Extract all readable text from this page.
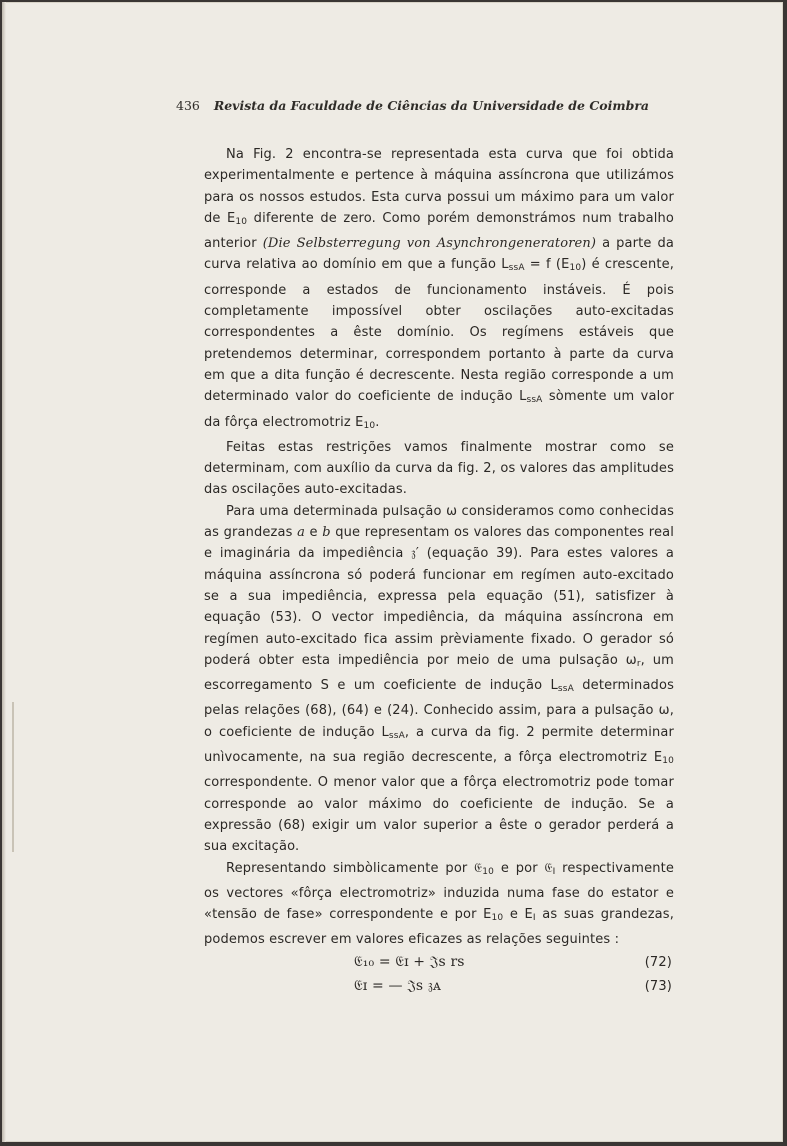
436 Revista da Faculdade de Ciências da Universidade de Coimbra

Na Fig. 2 encontra-se representada esta curva que foi obtida experimentalmente e pertence à máquina assíncrona que utilizámos para os nossos estudos. Esta curva possui um máximo para um valor de $E_{10}$ diferente de zero. Como porém demonstrámos num trabalho anterior (Die Selbsterregung von Asynchrongeneratoren) a parte da curva relativa ao domínio em que a função $L_{ssA} = f$ $(E_{10})$ é crescente, corresponde a estados de funcionamento instáveis. É pois completamente impossível obter oscilações auto-excitadas correspondentes a êste domínio. Os regímens estáveis que pretendemos determinar, correspondem portanto à parte da curva em que a dita função é decrescente. Nesta região corresponde a um determinado valor do coeficiente de indução $L_{ssA}$ sòmente um valor da fôrça electromotriz $E_{10}$.

Feitas estas restrições vamos finalmente mostrar como se determinam, com auxílio da curva da fig. 2, os valores das amplitudes das oscilações auto-excitadas.

Para uma determinada pulsação ω consideramos como conhecidas as grandezas a e b que representam os valores das componentes real e imaginária da impediência 𝔷′ (equação 39). Para estes valores a máquina assíncrona só poderá funcionar em regímen auto-excitado se a sua impediência, expressa pela equação (51), satisfizer à equação (53). O vector impediência, da máquina assíncrona em regímen auto-excitado fica assim prèviamente fixado. O gerador só poderá obter esta impediência por meio de uma pulsação $\omega_r$, um escorregamento S e um coeficiente de indução $L_{ssA}$ determinados pelas relações (68), (64) e (24). Conhecido assim, para a pulsação ω, o coeficiente de indução $L_{ssA}$, a curva da fig. 2 permite determinar unìvocamente, na sua região decrescente, a fôrça electromotriz $E_{10}$ correspondente. O menor valor que a fôrça electromotriz pode tomar corresponde ao valor máximo do coeficiente de indução. Se a expressão (68) exigir um valor superior a êste o gerador perderá a sua excitação.

Representando simbòlicamente por 𝔈$_{10}$ e por 𝔈$_I$ respectivamente os vectores «fôrça electromotriz» induzida numa fase do estator e «tensão de fase» correspondente e por $E_{10}$ e $E_I$ as suas grandezas, podemos escrever em valores eficazes as relações seguintes :

𝔈₁₀ = 𝔈ɪ + 𝔍s rs	(72)
𝔈ɪ = — 𝔍s 𝔷ᴀ	(73)
